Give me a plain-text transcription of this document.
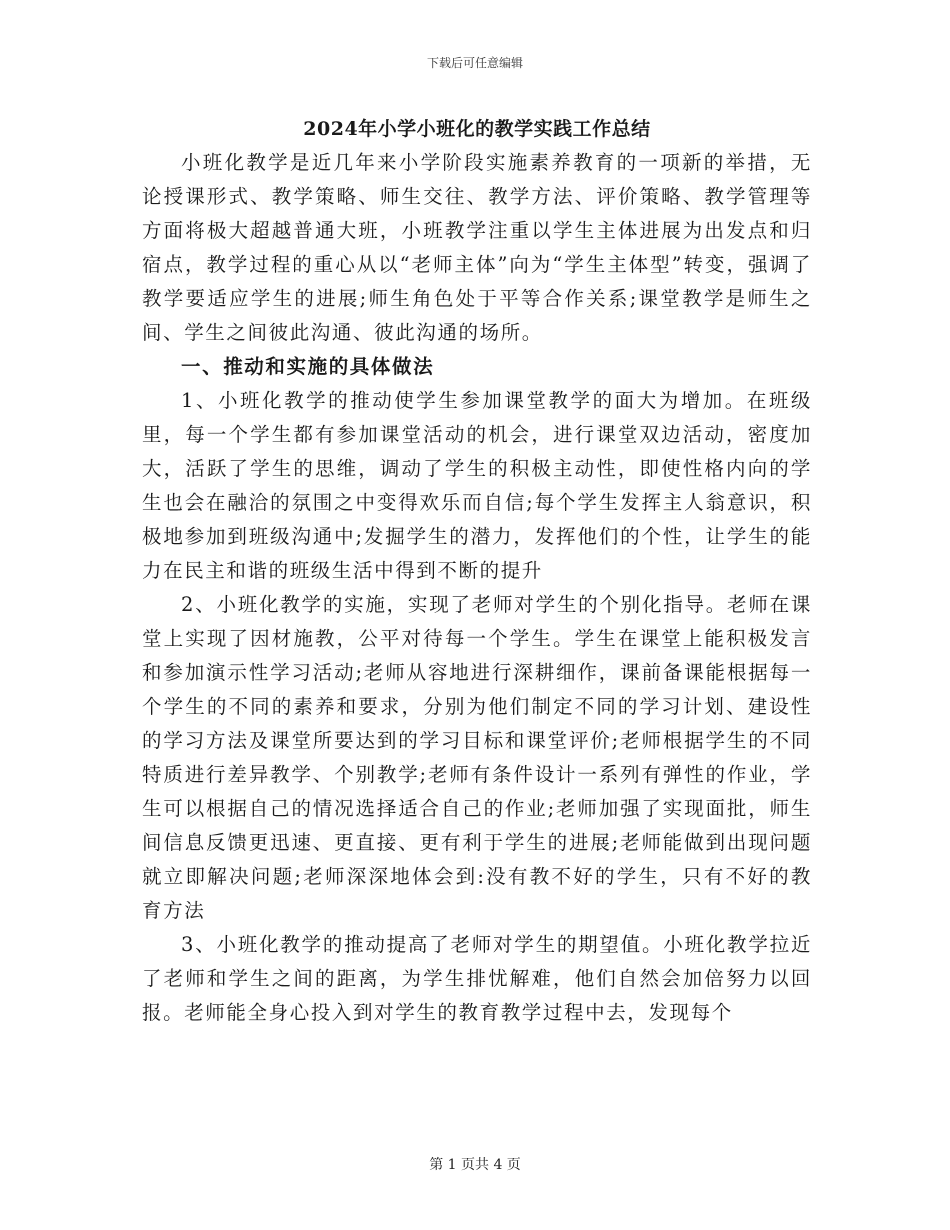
下载后可任意编辑
2024年小学小班化的教学实践工作总结

小班化教学是近几年来小学阶段实施素养教育的一项新的举措，无论授课形式、教学策略、师生交往、教学方法、评价策略、教学管理等方面将极大超越普通大班，小班教学注重以学生主体进展为出发点和归宿点，教学过程的重心从以“老师主体”向为“学生主体型”转变，强调了教学要适应学生的进展;师生角色处于平等合作关系;课堂教学是师生之间、学生之间彼此沟通、彼此沟通的场所。

一、推动和实施的具体做法

1、小班化教学的推动使学生参加课堂教学的面大为增加。在班级里，每一个学生都有参加课堂活动的机会，进行课堂双边活动，密度加大，活跃了学生的思维，调动了学生的积极主动性，即使性格内向的学生也会在融洽的氛围之中变得欢乐而自信;每个学生发挥主人翁意识，积极地参加到班级沟通中;发掘学生的潜力，发挥他们的个性，让学生的能力在民主和谐的班级生活中得到不断的提升

2、小班化教学的实施，实现了老师对学生的个别化指导。老师在课堂上实现了因材施教，公平对待每一个学生。学生在课堂上能积极发言和参加演示性学习活动;老师从容地进行深耕细作，课前备课能根据每一个学生的不同的素养和要求，分别为他们制定不同的学习计划、建设性的学习方法及课堂所要达到的学习目标和课堂评价;老师根据学生的不同特质进行差异教学、个别教学;老师有条件设计一系列有弹性的作业，学生可以根据自己的情况选择适合自己的作业;老师加强了实现面批，师生间信息反馈更迅速、更直接、更有利于学生的进展;老师能做到出现问题就立即解决问题;老师深深地体会到:没有教不好的学生，只有不好的教育方法

3、小班化教学的推动提高了老师对学生的期望值。小班化教学拉近了老师和学生之间的距离，为学生排忧解难，他们自然会加倍努力以回报。老师能全身心投入到对学生的教育教学过程中去，发现每个

第 1 页共 4 页
